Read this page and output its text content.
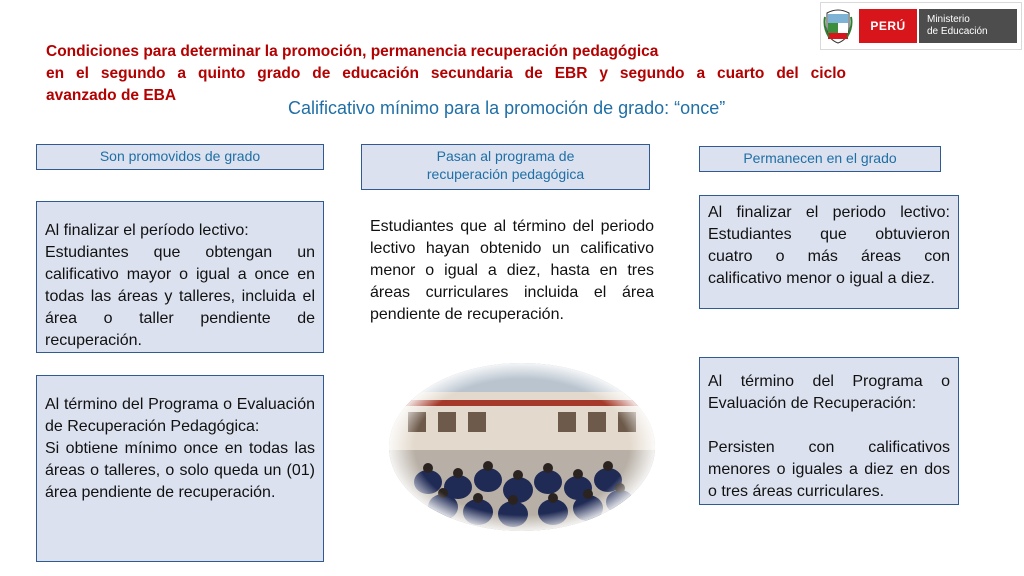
Condiciones para determinar la promoción, permanencia recuperación pedagógica
en el segundo a quinto grado de educación secundaria de EBR y segundo a cuarto del ciclo
avanzado de EBA
Calificativo mínimo para la promoción de grado: “once”
PERÚ	Ministerio
de Educación
Son promovidos de grado	Pasan al programa de
recuperación pedagógica
Permanecen en el grado
Al finalizar el período lectivo:
Estudiantes que obtengan un calificativo mayor o igual a once en todas las áreas y talleres, incluida el área o taller pendiente de recuperación.
Al término del Programa o Evaluación de Recuperación Pedagógica:
Si obtiene mínimo once en todas las áreas o talleres, o solo queda un (01) área pendiente de recuperación.
Estudiantes que al término del periodo lectivo hayan obtenido un calificativo menor o igual a diez, hasta en tres áreas curriculares incluida el área pendiente de recuperación.
Al finalizar el periodo lectivo: Estudiantes que obtuvieron cuatro o más áreas con calificativo menor o igual a diez.
Al término del Programa o Evaluación de Recuperación:
Persisten con calificativos menores o iguales a diez en dos o tres áreas curriculares.
